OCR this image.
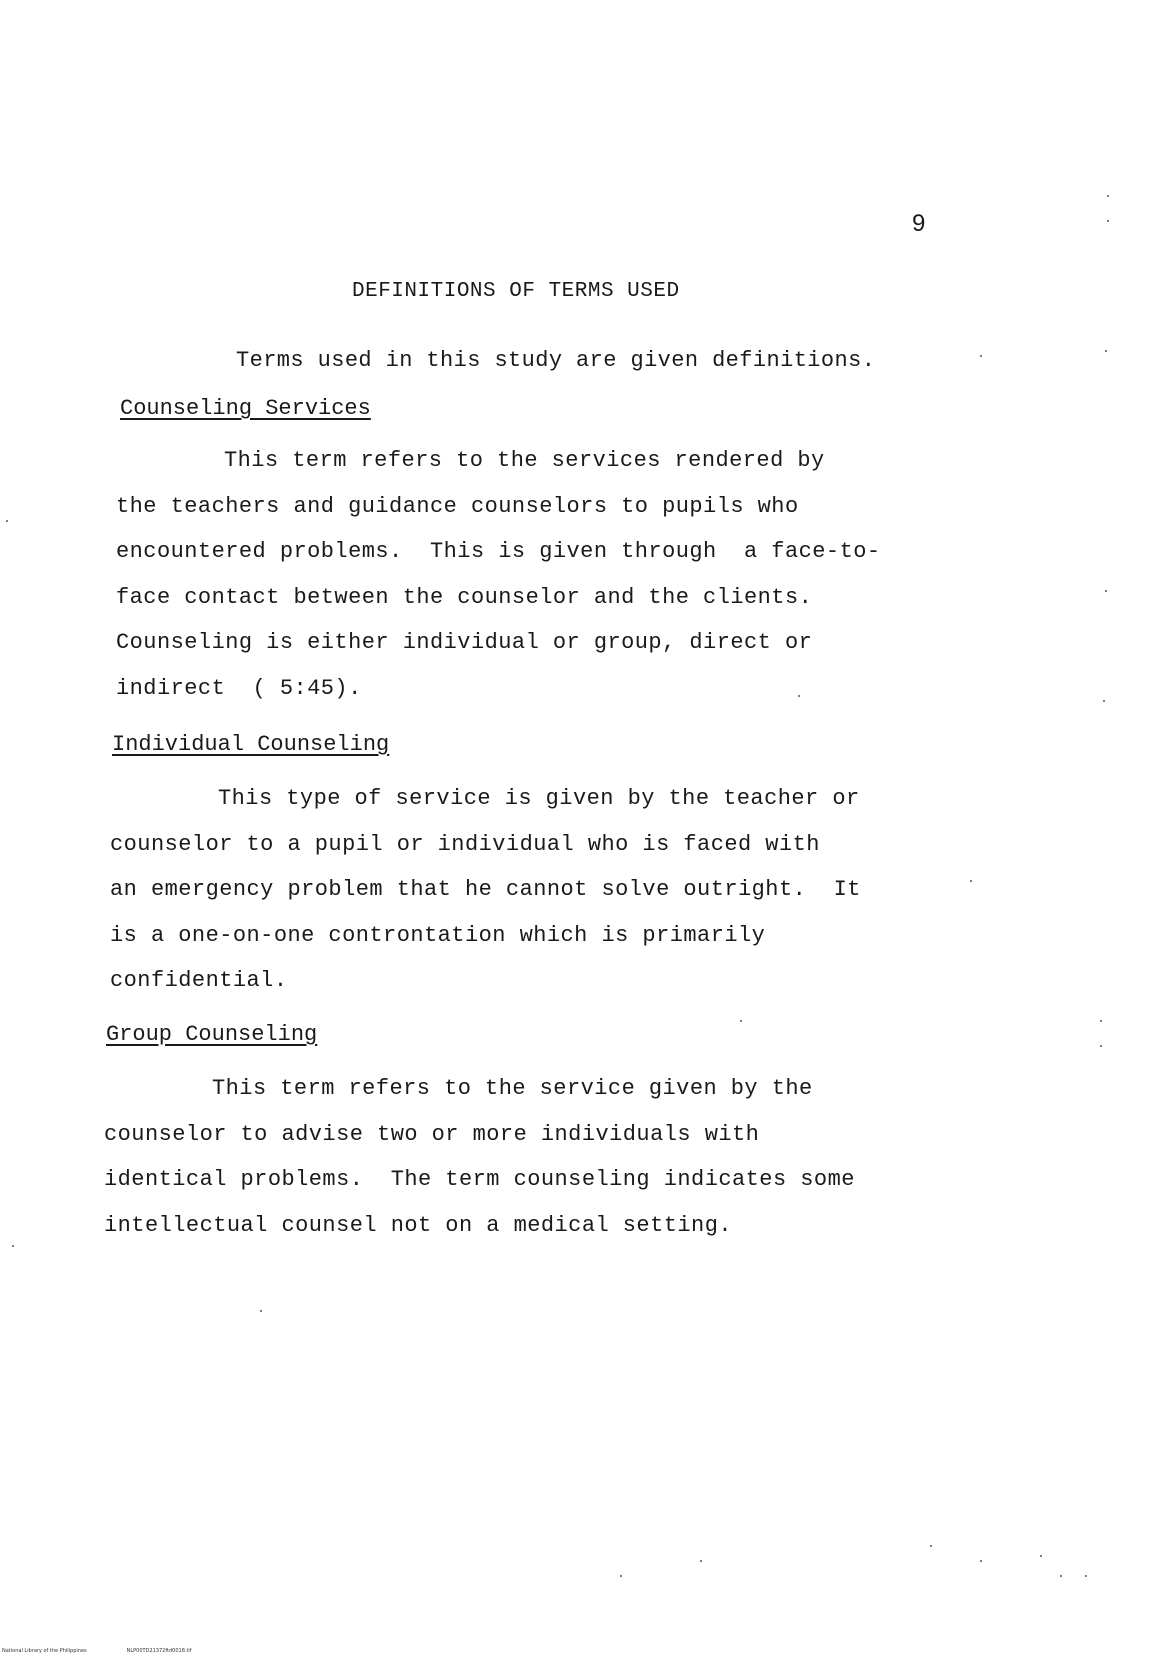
9
DEFINITIONS OF TERMS USED
Terms used in this study are given definitions.
Counseling Services
This term refers to the services rendered by
the teachers and guidance counselors to pupils who
encountered problems.  This is given through  a face-to-
face contact between the counselor and the clients.
Counseling is either individual or group, direct or
indirect  ( 5:45).
Individual Counseling
This type of service is given by the teacher or
counselor to a pupil or individual who is faced with
an emergency problem that he cannot solve outright.  It
is a one-on-one controntation which is primarily
confidential.
Group Counseling
This term refers to the service given by the
counselor to advise two or more individuals with
identical problems.  The term counseling indicates some
intellectual counsel not on a medical setting.
National Library of the Philippines	NLP00TD21372ftd0018.tif
